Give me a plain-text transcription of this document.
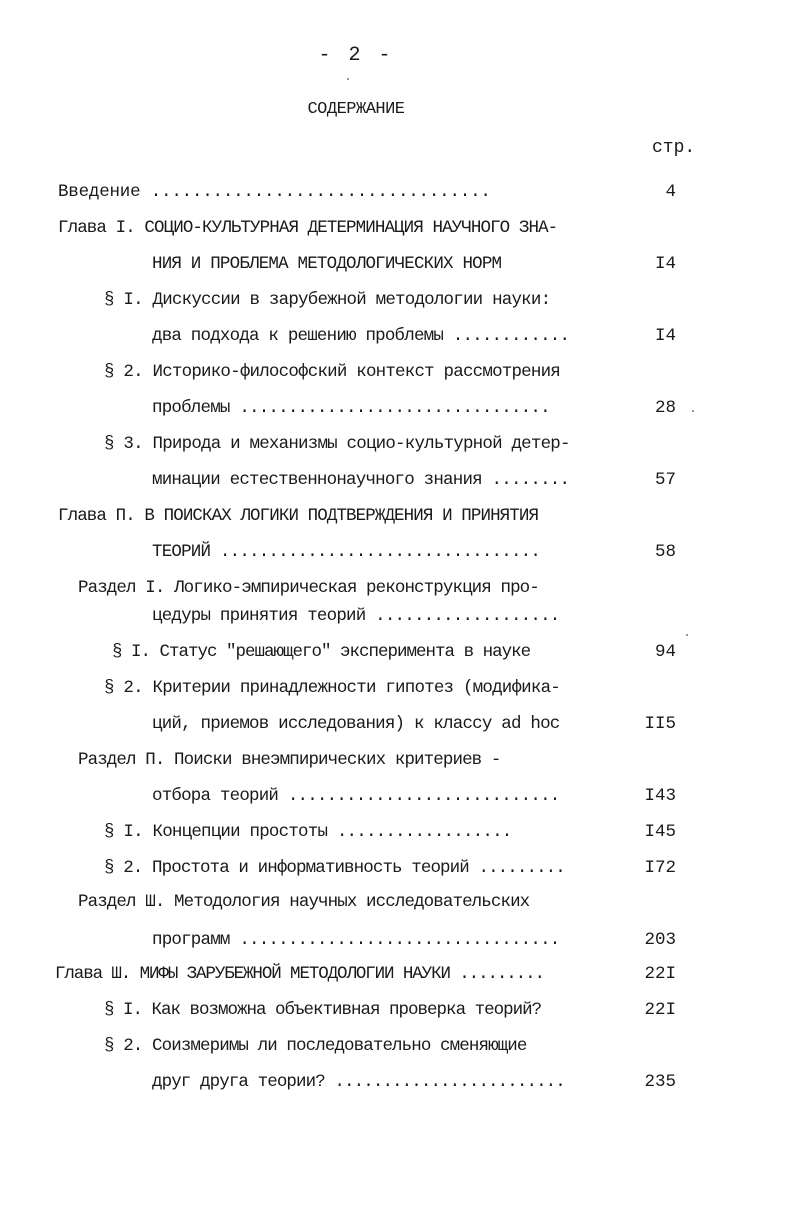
- 2 -
СОДЕРЖАНИЕ
стр.
Введение .................................	4
Глава I. СОЦИО-КУЛЬТУРНАЯ ДЕТЕРМИНАЦИЯ НАУЧНОГО ЗНА-
НИЯ И ПРОБЛЕМА МЕТОДОЛОГИЧЕСКИХ НОРМ	I4
§ I. Дискуссии в зарубежной методологии науки:
два подхода к решению проблемы ............	I4
§ 2. Историко-философский контекст рассмотрения
проблемы ................................	28
§ 3. Природа и механизмы социо-культурной детер-
минации естественнонаучного знания ........	57
Глава П. В ПОИСКАХ ЛОГИКИ ПОДТВЕРЖДЕНИЯ И ПРИНЯТИЯ
ТЕОРИЙ .................................	58
Раздел I. Логико-эмпирическая реконструкция про-
цедуры принятия теорий ...................
§ I. Статус "решающего" эксперимента в науке	94
§ 2. Критерии принадлежности гипотез (модифика-
ций, приемов исследования) к классу ad hoc	II5
Раздел П. Поиски внеэмпирических критериев -
отбора теорий ............................	I43
§ I. Концепции простоты ..................	I45
§ 2. Простота и информативность теорий .........	I72
Раздел Ш. Методология научных исследовательских
программ .................................	203
Глава Ш. МИФЫ ЗАРУБЕЖНОЙ МЕТОДОЛОГИИ НАУКИ .........	22I
§ I. Как возможна объективная проверка теорий?	22I
§ 2. Соизмеримы ли последовательно сменяющие
друг друга теории? ........................	235
